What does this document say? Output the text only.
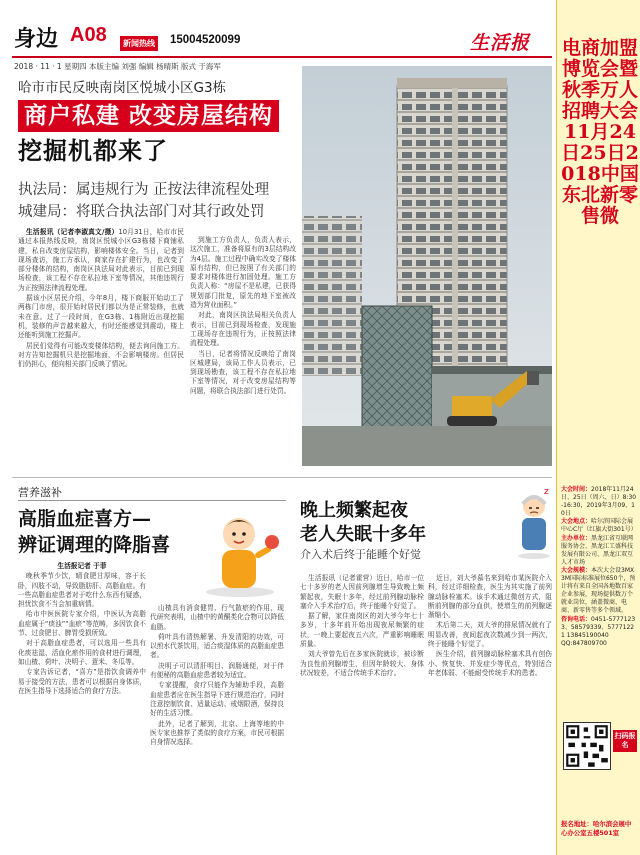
身边 A08	新闻热线 15004520099	生活报
2018 · 11 · 1 星期四 本版主编 刘强 编辑 杨晴斯 版式 于海军
哈市市民反映南岗区悦城小区G3栋
商户私建 改变房屋结构
挖掘机都来了
执法局：属违规行为 正按法律流程处理
城建局：将联合执法部门对其行政处罚

生活报讯（记者李淑真文/摄）10月31日，哈市市民通过本报热线反映，南岗区悦城小区G3栋楼下商铺私建，私自改变房屋结构，影响楼体安全。当日，记者到现场查访，施工方承认，商家存在扩建行为，也改变了部分楼体的结构，南岗区执法局对此表示，目前已到现场检查，该工程不存在私拉地下室等情况，其他违规行为正按照法律流程处理。

据该小区居民介绍，今年8月，楼下商服开始动工了两栋门市房，很开始时居民们都以为是正常装修，也就未在意。过了一段时间，在G3栋、1栋附近出现挖掘机，装修的声音越来越大，有时还能感觉到震动，楼上还能听到施工挖掘声。

居民们觉得有可能改变楼体结构，便去询问施工方。对方告知挖掘机只是挖掘地面，不会影响楼房。但居民们仍担心，便向相关部门反映了情况。

到施工方负责人，负责人表示，这次施工，准备将原有的3层结构改为4层。施工过程中确实改变了楼体原有结构，但已按照了有关部门的要求对楼体进行加固处理。施工方负责人称：“房屋不是私建，已获得规划部门批复，原先的地下室被改造为营业面积。”

对此，南岗区执法局相关负责人表示，目前已到现场检查，发现施工现场存在违规行为，正按照法律流程处理。

当日，记者将情况反映给了南岗区城建局，该局工作人员表示，已到现场勘查，该工程不存在私拉地下室等情况，对于改变房屋结构等问题，将联合执法部门进行处罚。

营养滋补
高脂血症喜方—
辨证调理的降脂喜

生活报记者 于菲

晚秋季节少饮，晴食肥甘厚味，容于长卧，四肢不动，导致脂肪肝、高脂血症。有一些高脂血症患者对于吃什么东西有疑惑，担忧饮食不当会加重病情。

哈市中医医院专家介绍，中医认为高脂血症属于“痰浊”“血瘀”等范畴，多因饮食不节、过食肥甘、脾胃受损所致。

对于高脂血症患者，可以选用一些具有化痰祛湿、活血化瘀作用的食材进行调理，如山楂、荷叶、决明子、薏米、冬瓜等。

专家告诉记者，“喜方”是指饮食调养中易于接受的方法，患者可以根据自身体质，在医生指导下选择适合的食疗方法。

山楂具有消食健胃、行气散瘀的作用，现代研究表明，山楂中的黄酮类化合物可以降低血脂。

荷叶具有清热解暑、升发清阳的功效，可以煎水代茶饮用，适合痰湿体质的高脂血症患者。

决明子可以清肝明目、润肠通便，对于伴有便秘的高脂血症患者较为适宜。

专家提醒，食疗只能作为辅助手段，高脂血症患者应在医生指导下进行规范治疗，同时注意控制饮食、适量运动、戒烟限酒，保持良好的生活习惯。

此外，记者了解到，北京、上海等地的中医专家也推荐了类似的食疗方案，市民可根据自身情况选择。

晚上频繁起夜
老人失眠十多年
介入术后终于能睡个好觉
z

生活报讯（记者霍营）近日，哈市一位七十多岁的老人因前列腺增生导致晚上频繁起夜，失眠十多年，经过前列腺动脉栓塞介入手术治疗后，终于能睡个好觉了。

据了解，家住南岗区的刘大爷今年七十多岁，十多年前开始出现夜尿频繁的症状，一晚上要起夜五六次，严重影响睡眠质量。

刘大爷曾先后在多家医院就诊，被诊断为良性前列腺增生，但因年龄较大、身体状况较差，不适合传统手术治疗。

近日，刘大爷慕名来到哈市某医院介入科，经过详细检查，医生为其实施了前列腺动脉栓塞术。该手术通过微创方式，阻断前列腺的部分血供，使增生的前列腺逐渐缩小。

术后第二天，刘大爷的排尿情况就有了明显改善，夜间起夜次数减少到一两次，终于能睡个好觉了。

医生介绍，前列腺动脉栓塞术具有创伤小、恢复快、并发症少等优点，特别适合年老体弱、不能耐受传统手术的患者。

电商加盟博览会暨秋季万人招聘大会11月24日25日2018中国东北新零售微

大会时间：2018年11月24日、25日（周六、日）8:30-16:30，2019年3月09、10日

大会地点：哈尔滨国际会展中心C厅（红旗大街301号）

主办单位：黑龙江省互联网服务协会、黑龙江工盛科技发展有限公司、黑龙江双互人才市场

大会规模：本次大会设3MX3M国际标准展位650个，预计将有来自全国各地数百家企业参展，现场提供数万个就业岗位，涵盖微商、电商、新零售等多个领域。

咨询电话：0451-57771233、58579339、57771221 13845190040

QQ:847809700

扫码报名
报名地址：哈尔滨会展中心办公室五楼501室
